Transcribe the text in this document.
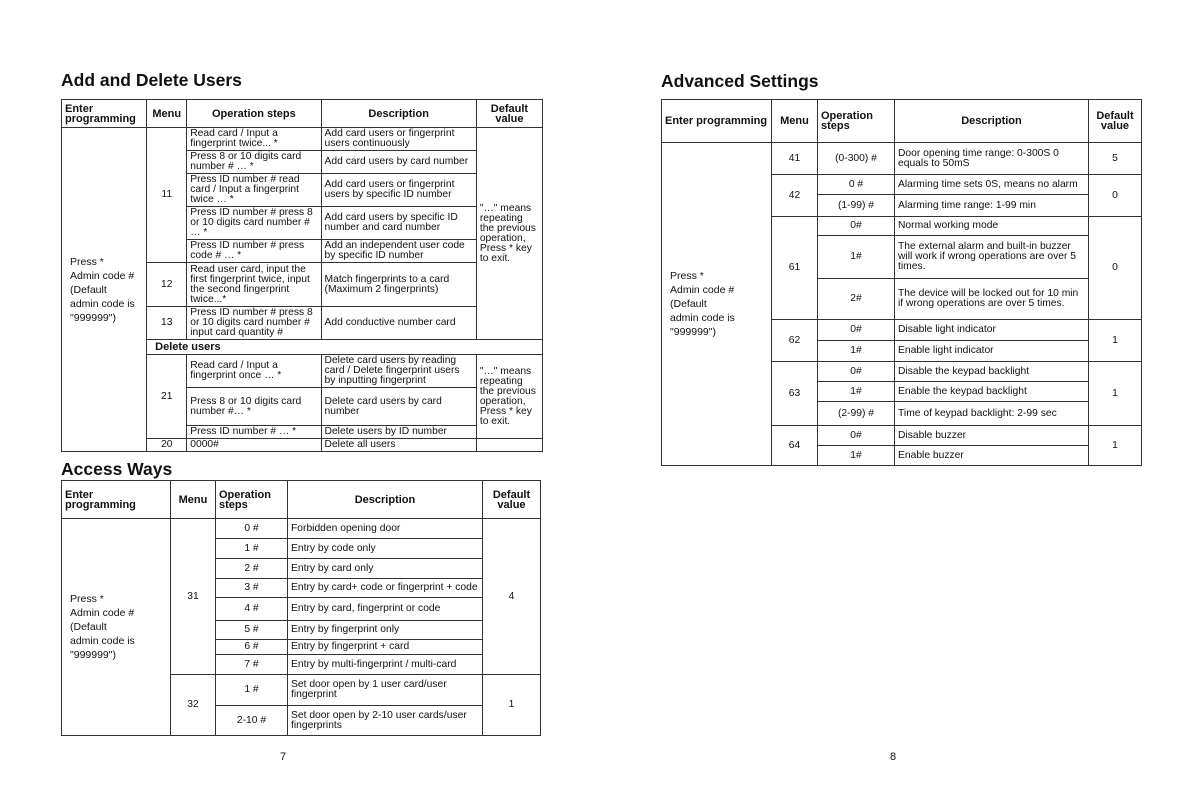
Add and Delete Users
Enter programming	Menu	Operation steps	Description	Default value

Press *
Admin code #
(Default
admin code is
"999999")	11	Read card / Input a fingerprint twice... *	Add card users or fingerprint users continuously	"…" means repeating the previous operation, Press * key to exit.
		Press 8 or 10 digits card number # … *	Add card users by card number	
		Press ID number # read card / Input a fingerprint twice … *	Add card users or fingerprint users by specific ID number	
		Press ID number # press 8 or 10 digits card number # … *	Add card users by specific ID number and card number	
		Press ID number # press code # … *	Add an independent user code by specific ID number	
	12	Read user card, input the first fingerprint twice, input the second fingerprint twice...*	Match fingerprints to a card (Maximum 2 fingerprints)	
	13	Press ID number # press 8 or 10 digits card number # input card quantity #	Add conductive number card	
	Delete users			
	21	Read card / Input a fingerprint once … *	Delete card users by reading card / Delete fingerprint users by inputting fingerprint	"…" means repeating the previous operation, Press * key to exit.
		Press 8 or 10 digits card number #… *	Delete card users by card number	
		Press ID number # … *	Delete users by ID number	
	20	0000#	Delete all users	
Access Ways
Enter programming	Menu	Operation steps	Description	Default value

Press *
Admin code #
(Default
admin code is
"999999")	31	0 #	Forbidden opening door	4
		1 #	Entry by code only	
		2 #	Entry by card only	
		3 #	Entry by card+ code or fingerprint + code	
		4 #	Entry by card, fingerprint or code	
		5 #	Entry by fingerprint only	
		6 #	Entry by fingerprint + card	
		7 #	Entry by multi-fingerprint / multi-card	
	32	1 #	Set door open by 1 user card/user fingerprint	1
		2-10 #	Set door open by 2-10 user cards/user fingerprints	
7
Advanced Settings
Enter programming	Menu	Operation steps	Description	Default value

Press *
Admin code #
(Default
admin code is
"999999")	41	(0-300) #	Door opening time range: 0-300S 0 equals to 50mS	5
	42	0 #	Alarming time sets 0S, means no alarm	0
		(1-99) #	Alarming time range: 1-99 min	
	61	0#	Normal working mode	0
		1#	The external alarm and built-in buzzer will work if wrong operations are over 5 times.	
		2#	The device will be locked out for 10 min if wrong operations are over 5 times.	
	62	0#	Disable light indicator	1
		1#	Enable light indicator	
	63	0#	Disable the keypad backlight	1
		1#	Enable the keypad backlight	
		(2-99) #	Time of keypad backlight: 2-99 sec	
	64	0#	Disable buzzer	1
		1#	Enable buzzer	
8
